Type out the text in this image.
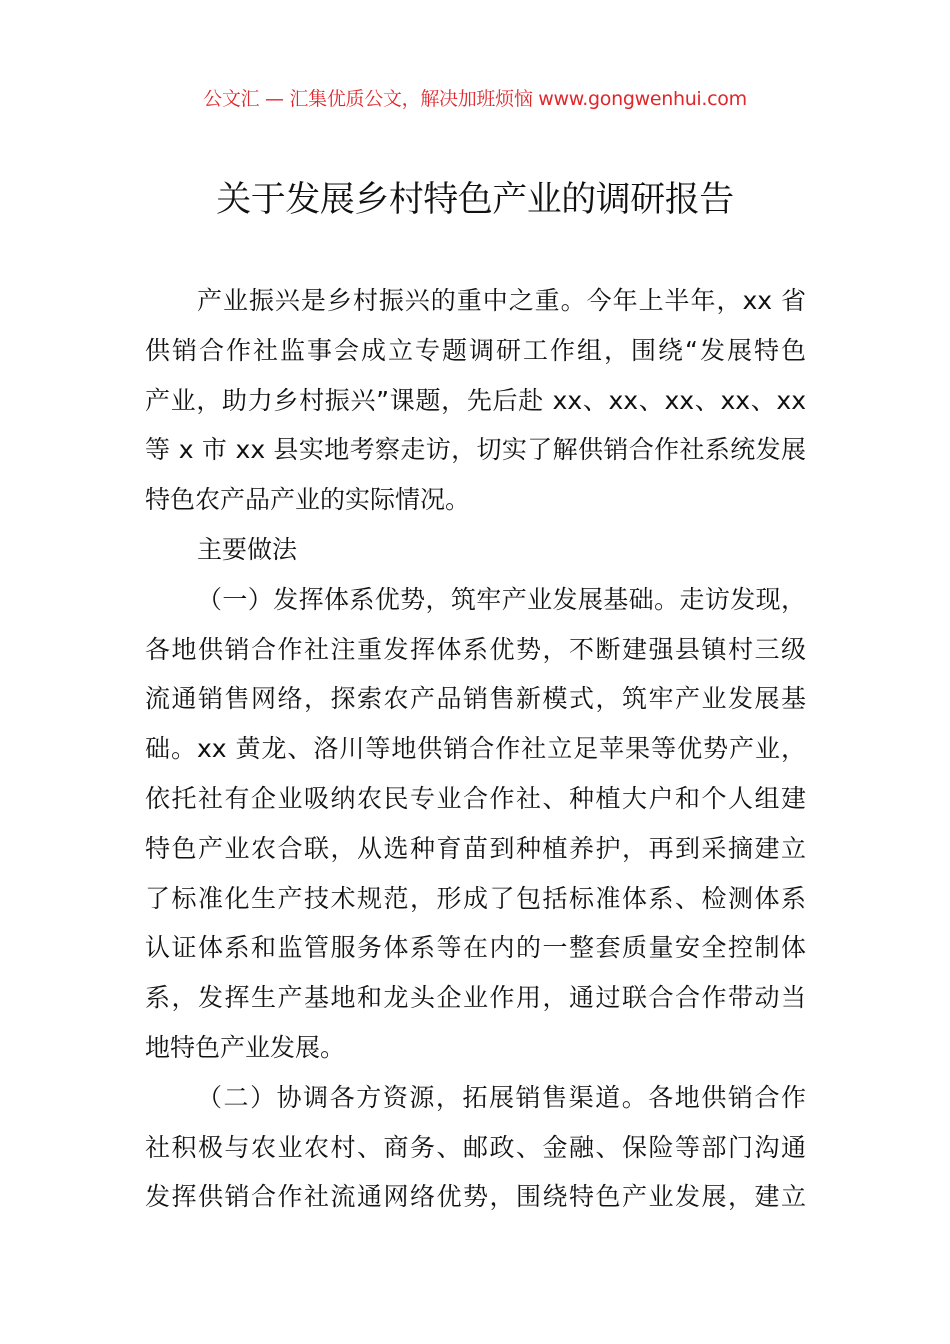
公文汇 — 汇集优质公文，解决加班烦恼 www.gongwenhui.com
关于发展乡村特色产业的调研报告
产业振兴是乡村振兴的重中之重。今年上半年，xx 省
供销合作社监事会成立专题调研工作组，围绕“发展特色
产业，助力乡村振兴”课题，先后赴 xx、xx、xx、xx、xx
等 x 市 xx 县实地考察走访，切实了解供销合作社系统发展
特色农产品产业的实际情况。
主要做法
（一）发挥体系优势，筑牢产业发展基础。走访发现，
各地供销合作社注重发挥体系优势，不断建强县镇村三级
流通销售网络，探索农产品销售新模式，筑牢产业发展基
础。xx 黄龙、洛川等地供销合作社立足苹果等优势产业，
依托社有企业吸纳农民专业合作社、种植大户和个人组建
特色产业农合联，从选种育苗到种植养护，再到采摘建立
了标准化生产技术规范，形成了包括标准体系、检测体系
认证体系和监管服务体系等在内的一整套质量安全控制体
系，发挥生产基地和龙头企业作用，通过联合合作带动当
地特色产业发展。
（二）协调各方资源，拓展销售渠道。各地供销合作
社积极与农业农村、商务、邮政、金融、保险等部门沟通
发挥供销合作社流通网络优势，围绕特色产业发展，建立
